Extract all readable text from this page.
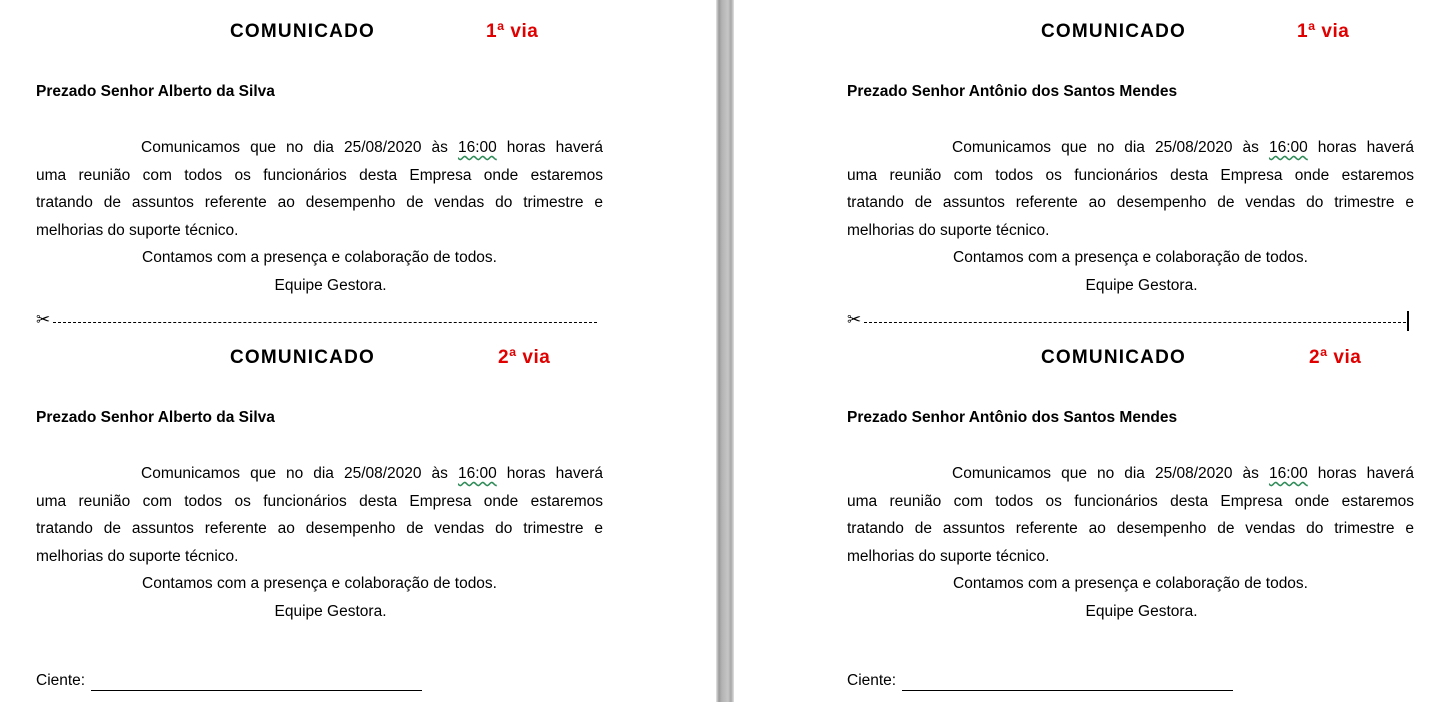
COMUNICADO	1ª via
Prezado Senhor Alberto da Silva
Comunicamos que no dia 25/08/2020 às 16:00 horas haverá
uma reunião com todos os funcionários desta Empresa onde estaremos
tratando de assuntos referente ao desempenho de vendas do trimestre e
melhorias do suporte técnico.
Contamos com a presença e colaboração de todos.
Equipe Gestora.
✂
COMUNICADO	2ª via
Prezado Senhor Alberto da Silva
Comunicamos que no dia 25/08/2020 às 16:00 horas haverá
uma reunião com todos os funcionários desta Empresa onde estaremos
tratando de assuntos referente ao desempenho de vendas do trimestre e
melhorias do suporte técnico.
Contamos com a presença e colaboração de todos.
Equipe Gestora.
Ciente:
COMUNICADO	1ª via
Prezado Senhor Antônio dos Santos Mendes
Comunicamos que no dia 25/08/2020 às 16:00 horas haverá
uma reunião com todos os funcionários desta Empresa onde estaremos
tratando de assuntos referente ao desempenho de vendas do trimestre e
melhorias do suporte técnico.
Contamos com a presença e colaboração de todos.
Equipe Gestora.
✂
COMUNICADO	2ª via
Prezado Senhor Antônio dos Santos Mendes
Comunicamos que no dia 25/08/2020 às 16:00 horas haverá
uma reunião com todos os funcionários desta Empresa onde estaremos
tratando de assuntos referente ao desempenho de vendas do trimestre e
melhorias do suporte técnico.
Contamos com a presença e colaboração de todos.
Equipe Gestora.
Ciente:
